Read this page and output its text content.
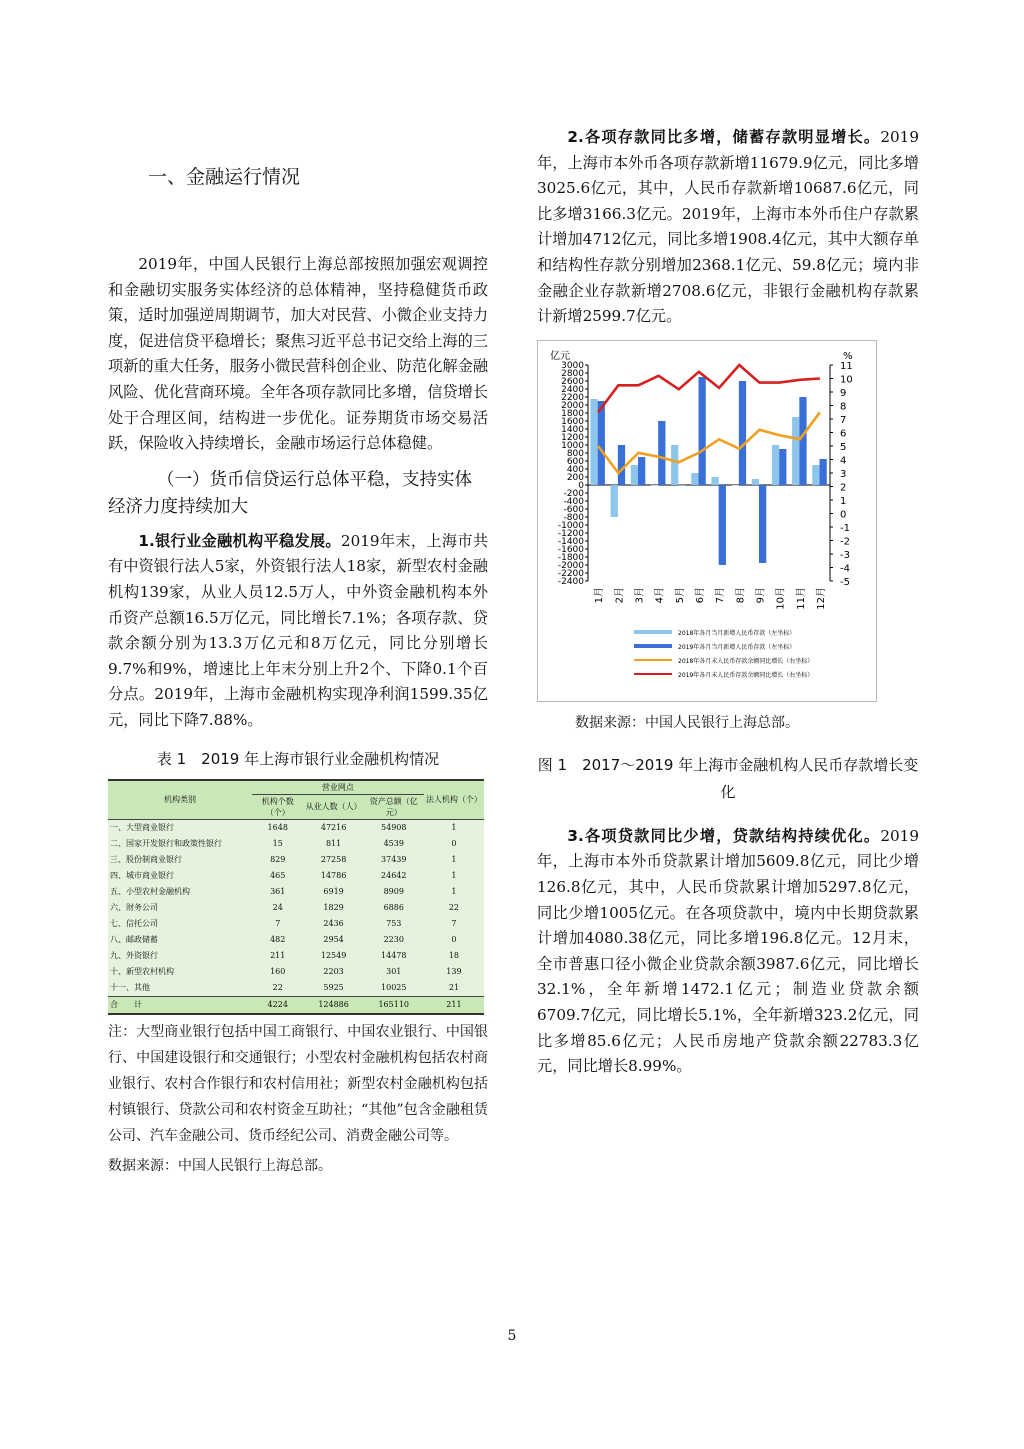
一、金融运行情况

2019年，中国人民银行上海总部按照加强宏观调控和金融切实服务实体经济的总体精神，坚持稳健货币政策，适时加强逆周期调节，加大对民营、小微企业支持力度，促进信贷平稳增长；聚焦习近平总书记交给上海的三项新的重大任务，服务小微民营科创企业、防范化解金融风险、优化营商环境。全年各项存款同比多增，信贷增长处于合理区间，结构进一步优化。证券期货市场交易活跃，保险收入持续增长，金融市场运行总体稳健。

（一）货币信贷运行总体平稳，支持实体经济力度持续加大

1.银行业金融机构平稳发展。2019年末，上海市共有中资银行法人5家，外资银行法人18家，新型农村金融机构139家，从业人员12.5万人，中外资金融机构本外币资产总额16.5万亿元，同比增长7.1%；各项存款、贷款余额分别为13.3万亿元和8万亿元，同比分别增长9.7%和9%，增速比上年末分别上升2个、下降0.1个百分点。2019年，上海市金融机构实现净利润1599.35亿元，同比下降7.88%。

表 1　2019 年上海市银行业金融机构情况
机构类别	营业网点			法人机构（个）
	机构个数（个）	从业人数（人）	资产总额（亿元）	
一、大型商业银行	1648	47216	54908	1
二、国家开发银行和政策性银行	15	811	4539	0
三、股份制商业银行	829	27258	37439	1
四、城市商业银行	465	14786	24642	1
五、小型农村金融机构	361	6919	8909	1
六、财务公司	24	1829	6886	22
七、信托公司	7	2436	753	7
八、邮政储蓄	482	2954	2230	0
九、外资银行	211	12549	14478	18
十、新型农村机构	160	2203	301	139
十一、其他	22	5925	10025	21
合　　计	4224	124886	165110	211

注：大型商业银行包括中国工商银行、中国农业银行、中国银行、中国建设银行和交通银行；小型农村金融机构包括农村商业银行、农村合作银行和农村信用社；新型农村金融机构包括村镇银行、贷款公司和农村资金互助社；“其他”包含金融租赁公司、汽车金融公司、货币经纪公司、消费金融公司等。

数据来源：中国人民银行上海总部。

2.各项存款同比多增，储蓄存款明显增长。2019年，上海市本外币各项存款新增11679.9亿元，同比多增3025.6亿元，其中，人民币存款新增10687.6亿元，同比多增3166.3亿元。2019年，上海市本外币住户存款累计增加4712亿元，同比多增1908.4亿元，其中大额存单和结构性存款分别增加2368.1亿元、59.8亿元；境内非金融企业存款新增2708.6亿元，非银行金融机构存款累计新增2599.7亿元。

亿元	%
3000
2800
2600
2400
2200
2000
1800
1600
1400
1200
1000
800
600
400
200
0
-200
-400
-600
-800
-1000
-1200
-1400
-1600
-1800
-2000
-2200
-2400
11
10
9
8
7
6
5
4
3
2
1
0
-1
-2
-3
-4
-5
1月 2月 3月 4月 5月 6月 7月 8月 9月 10月 11月 12月
2018年各月当月新增人民币存款（左坐标）
2019年各月当月新增人民币存款（左坐标）
2018年各月末人民币存款余额同比增长（右坐标）
2019年各月末人民币存款余额同比增长（右坐标）
数据来源：中国人民银行上海总部。
图 1　2017～2019 年上海市金融机构人民币存款增长变化

3.各项贷款同比少增，贷款结构持续优化。2019年，上海市本外币贷款累计增加5609.8亿元，同比少增126.8亿元，其中，人民币贷款累计增加5297.8亿元，同比少增1005亿元。在各项贷款中，境内中长期贷款累计增加4080.38亿元，同比多增196.8亿元。12月末，全市普惠口径小微企业贷款余额3987.6亿元，同比增长32.1%，全年新增1472.1亿元；制造业贷款余额6709.7亿元，同比增长5.1%，全年新增323.2亿元，同比多增85.6亿元；人民币房地产贷款余额22783.3亿元，同比增长8.99%。

5
